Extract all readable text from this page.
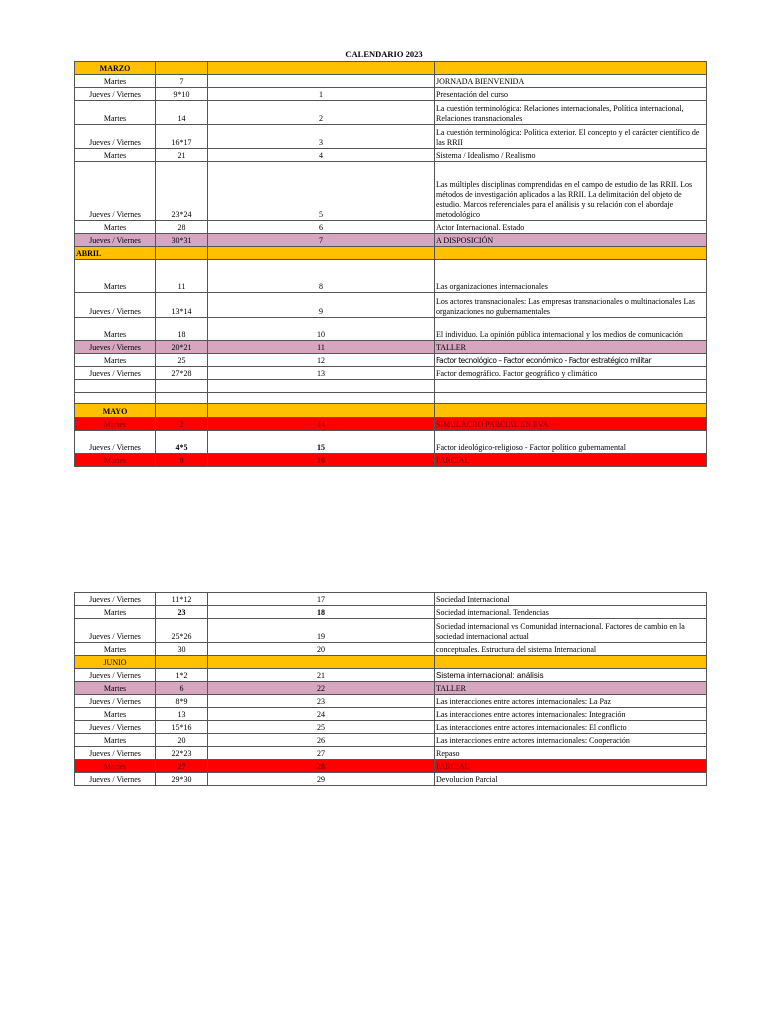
CALENDARIO 2023
MARZO			
Martes	7		JORNADA BIENVENIDA
Jueves / Viernes	9*10	1	Presentación del curso
Martes	14	2	La cuestión terminológica: Relaciones internacionales, Política internacional, Relaciones transnacionales
Jueves / Viernes	16*17	3	La cuestión terminológica: Política exterior. El concepto y el carácter científico de las RRII
Martes	21	4	Sistema / Idealismo / Realismo
Jueves / Viernes	23*24	5	Las múltiples disciplinas comprendidas en el campo de estudio de las RRII. Los métodos de investigación aplicados a las RRII. La delimitación del objeto de estudio. Marcos referenciales para el análisis y su relación con el abordaje metodológico
Martes	28	6	Actor Internacional. Estado
Jueves / Viernes	30*31	7	A DISPOSICIÓN
ABRIL			
Martes	11	8	Las organizaciones internacionales
Jueves / Viernes	13*14	9	Los actores transnacionales: Las empresas transnacionales o multinacionales Las organizaciones no gubernamentales
Martes	18	10	El individuo. La opinión pública internacional y los medios de comunicación
Jueves / Viernes	20*21	11	TALLER
Martes	25	12	Factor tecnológico – Factor económico - Factor estratégico militar
Jueves / Viernes	27*28	13	Factor demográfico. Factor geográfico y climático

MAYO			
Martes	2	14	SIMULACRO PARCIAL EN EVA
Jueves / Viernes	4*5	15	Factor ideológico-religioso - Factor político gubernamental
Martes	9	16	PARCIAL
Jueves / Viernes	11*12	17	Sociedad Internacional
Martes	23	18	Sociedad internacional. Tendencias
Jueves / Viernes	25*26	19	Sociedad internacional vs Comunidad internacional. Factores de cambio en la sociedad internacional actual
Martes	30	20	conceptuales. Estructura del sistema Internacional
JUNIO			
Jueves / Viernes	1*2	21	Sistema internacional: análisis
Martes	6	22	TALLER
Jueves / Viernes	8*9	23	Las interacciones entre actores internacionales: La Paz
Martes	13	24	Las interacciones entre actores internacionales: Integración
Jueves / Viernes	15*16	25	Las interacciones entre actores internacionales: El conflicto
Martes	20	26	Las interacciones entre actores internacionales: Cooperación
Jueves / Viernes	22*23	27	Repaso
Martes	27	28	PARCIAL
Jueves / Viernes	29*30	29	Devolucion Parcial
